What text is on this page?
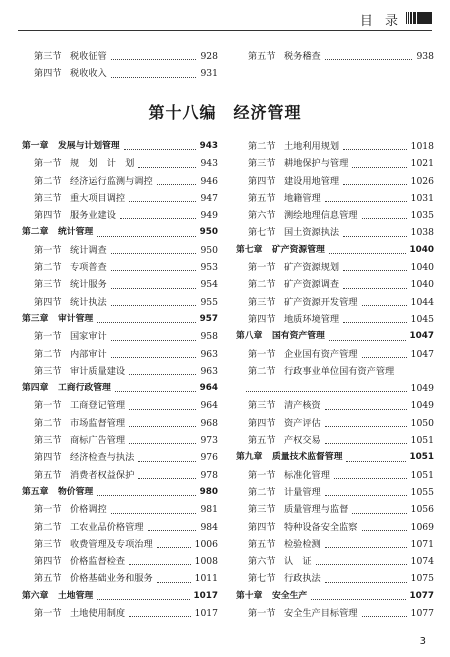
目 录
第三节 税收征管	928
第四节 税收收入	931
第五节 税务稽查	938
第十八编　经济管理
第一章 发展与计划管理	943
第一节 规　划　计　划	943
第二节 经济运行监测与调控	946
第三节 重大项目调控	947
第四节 服务业建设	949
第二章 统计管理	950
第一节 统计调查	950
第二节 专项普查	953
第三节 统计服务	954
第四节 统计执法	955
第三章 审计管理	957
第一节 国家审计	958
第二节 内部审计	963
第三节 审计质量建设	963
第四章 工商行政管理	964
第一节 工商登记管理	964
第二节 市场监督管理	968
第三节 商标广告管理	973
第四节 经济检查与执法	976
第五节 消费者权益保护	978
第五章 物价管理	980
第一节 价格调控	981
第二节 工农业品价格管理	984
第三节 收费管理及专项治理	1006
第四节 价格监督检查	1008
第五节 价格基础业务和服务	1011
第六章 土地管理	1017
第一节 土地使用制度	1017
第二节 土地利用规划	1018
第三节 耕地保护与管理	1021
第四节 建设用地管理	1026
第五节 地籍管理	1031
第六节 测绘地理信息管理	1035
第七节 国土资源执法	1038
第七章 矿产资源管理	1040
第一节 矿产资源规划	1040
第二节 矿产资源调查	1040
第三节 矿产资源开发管理	1044
第四节 地质环境管理	1045
第八章 国有资产管理	1047
第一节 企业国有资产管理	1047
第二节 行政事业单位国有资产管理
1049
第三节 清产核资	1049
第四节 资产评估	1050
第五节 产权交易	1051
第九章 质量技术监督管理	1051
第一节 标准化管理	1051
第二节 计量管理	1055
第三节 质量管理与监督	1056
第四节 特种设备安全监察	1069
第五节 检验检测	1071
第六节 认　证	1074
第七节 行政执法	1075
第十章 安全生产	1077
第一节 安全生产目标管理	1077
3
